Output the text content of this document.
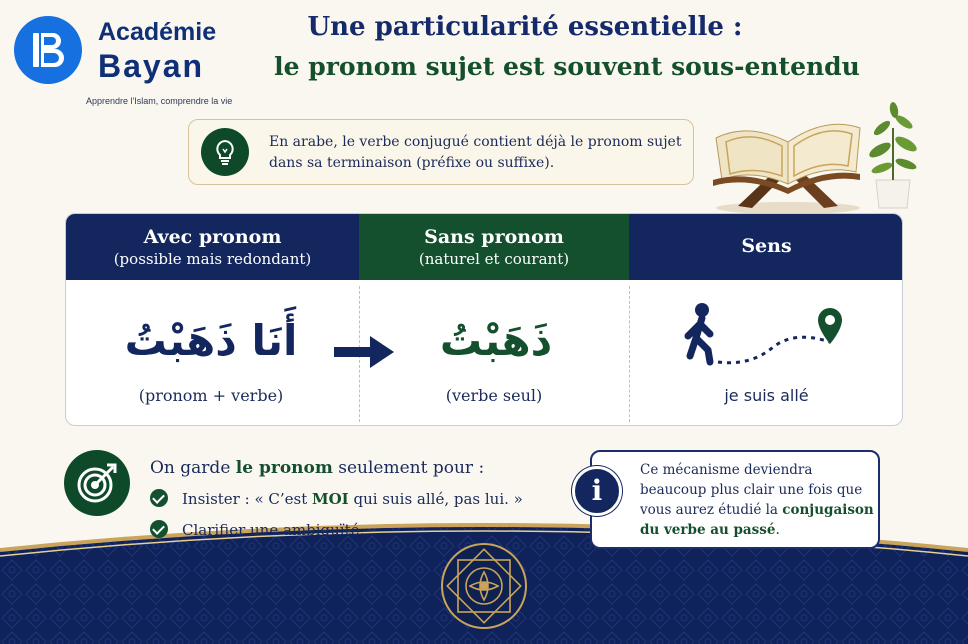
Académie
Bayan
Apprendre l'Islam, comprendre la vie
Une particularité essentielle :
le pronom sujet est souvent sous-entendu
En arabe, le verbe conjugué contient déjà le pronom sujet dans sa terminaison (préfixe ou suffixe).
Avec pronom
(possible mais redondant)
Sans pronom
(naturel et courant)
Sens
أَنَا ذَهَبْتُ
(pronom + verbe)
ذَهَبْتُ
(verbe seul)	je suis allé
On garde le pronom seulement pour :
Insister : « C’est MOI qui suis allé, pas lui. »
Clarifier une ambiguïté.
i
Ce mécanisme deviendra beaucoup plus clair une fois que vous aurez étudié la conjugaison du verbe au passé.
